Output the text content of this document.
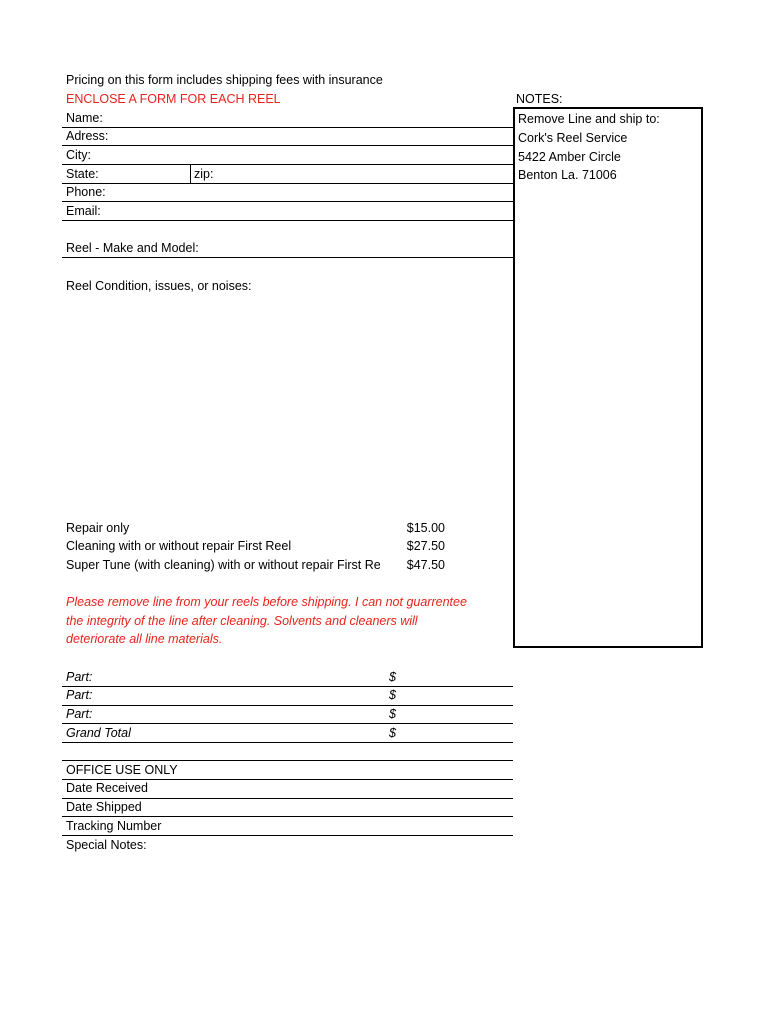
Pricing on this form includes shipping fees with insurance
ENCLOSE A FORM FOR EACH REEL
Name:
Adress:
City:
State:	zip:
Phone:
Email:
Reel - Make and Model:
Reel Condition, issues, or noises:
Repair only	$15.00
Cleaning with or without repair First Reel	$27.50
Super Tune (with cleaning) with or without repair First Re	$47.50
Please remove line from your reels before shipping. I can not guarrentee
the integrity of the line after cleaning. Solvents and cleaners will
deteriorate all line materials.
Part:	$
Part:	$
Part:	$
Grand Total	$
OFFICE USE ONLY
Date Received
Date Shipped
Tracking Number
Special Notes:
NOTES:
Remove Line and ship to:
Cork's Reel Service
5422 Amber Circle
Benton La. 71006
